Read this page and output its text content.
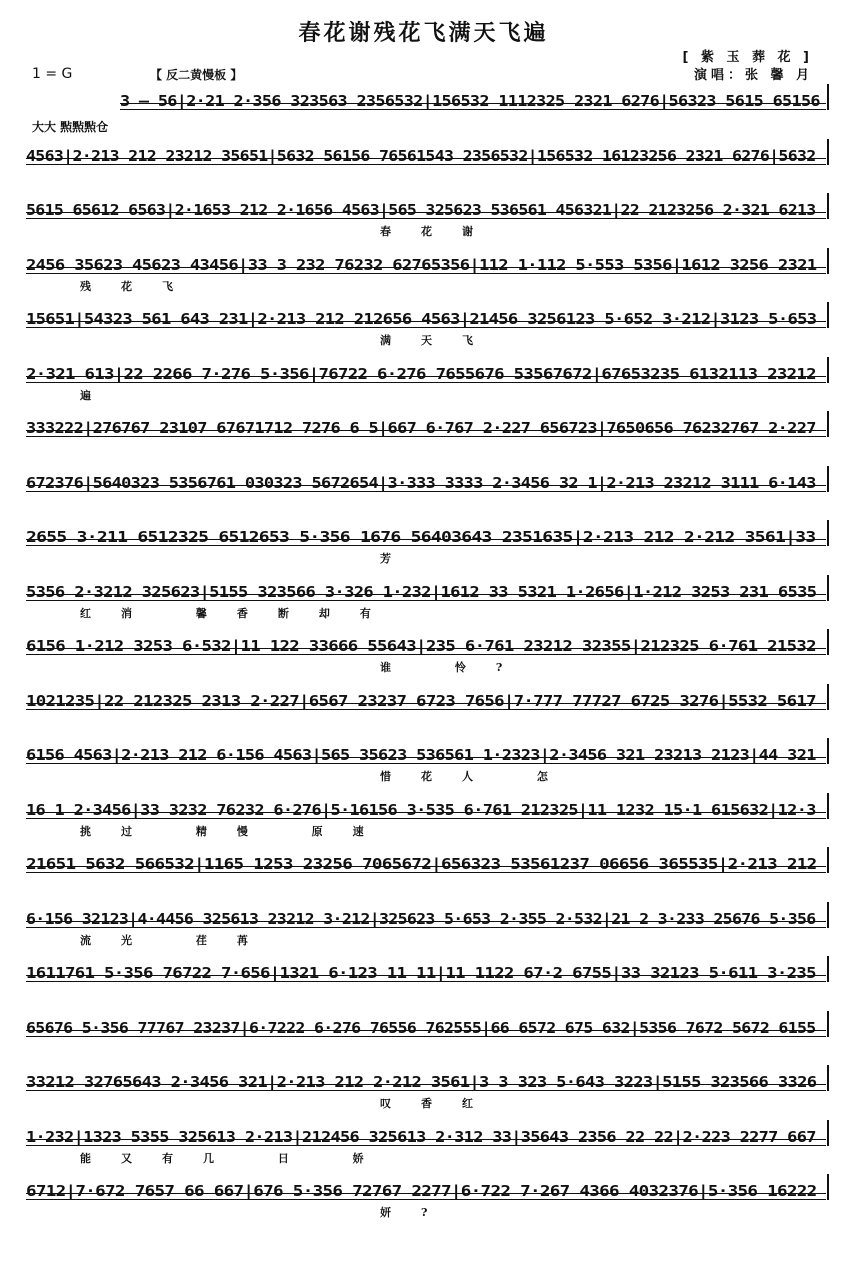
春花谢残花飞满天飞遍
[ 紫 玉 葬 花 ]
演唱：张 馨 月
1 = G	【 反二黄慢板 】
大大 㸃㸃㸃仓
3 – 56|2·21 2·356 323563 2356532|156532 1112325 2321 6276|56323 5615 65156
4563|2·213 212 23212 35651|5632 56156 76561543 2356532|156532 16123256 2321 6276|5632
5615 65612 6563|2·1653 212 2·1656 4563|565 325623 536561 456321|22 2123256 2·321 6213
2456 35623 45623 43456|33 3 232 76232 62765356|112 1·112 5·553 5356|1612 3256 2321
15651|54323 561 643 231|2·213 212 212656 4563|21456 3256123 5·652 3·212|3123 5·653
2·321 613|22 2266 7·276 5·356|76722 6·276 7655676 53567672|67653235 6132113 23212
333222|276767 23107 67671712 7276 6 5|667 6·767 2·227 656723|7650656 76232767 2·227
672376|5640323 5356761 030323 5672654|3·333 3333 2·3456 32 1|2·213 23212 3111 6·143
2655 3·211 6512325 6512653 5·356 1676 56403643 2351635|2·213 212 2·212 3561|33
5356 2·3212 325623|5155 323566 3·326 1·232|1612 33 5321 1·2656|1·212 3253 231 6535
6156 1·212 3253 6·532|11 122 33666 55643|235 6·761 23212 32355|212325 6·761 21532
1021235|22 212325 2313 2·227|6567 23237 6723 7656|7·777 77727 6725 3276|5532 5617
6156 4563|2·213 212 6·156 4563|565 35623 536561 1·2323|2·3456 321 23213 2123|44 321
16 1 2·3456|33 3232 76232 6·276|5·16156 3·535 6·761 212325|11 1232 15·1 615632|12·3
21651 5632 566532|1165 1253 23256 7065672|656323 53561237 06656 365535|2·213 212
6·156 32123|4·4456 325613 23212 3·212|325623 5·653 2·355 2·532|21 2 3·233 25676 5·356
1611761 5·356 76722 7·656|1321 6·123 11 11|11 1122 67·2 6755|33 32123 5·611 3·235
65676 5·356 77767 23237|6·7222 6·276 76556 762555|66 6572 675 632|5356 7672 5672 6155
33212 32765643 2·3456 321|2·213 212 2·212 3561|3 3 323 5·643 3223|5155 323566 3326
1·232|1323 5355 325613 2·213|212456 325613 2·312 33|35643 2356 22 22|2·223 2277 667
6712|7·672 7657 66 667|676 5·356 72767 2277|6·722 7·267 4366 4032376|5·356 16222
春花谢
残花飞
满天飞
遍
芳
红消 馨香断却有
谁 怜?
惜花人 怎
挑过 精慢 原速
流光 荏苒
叹香红
能又有几 日 娇
妍?
